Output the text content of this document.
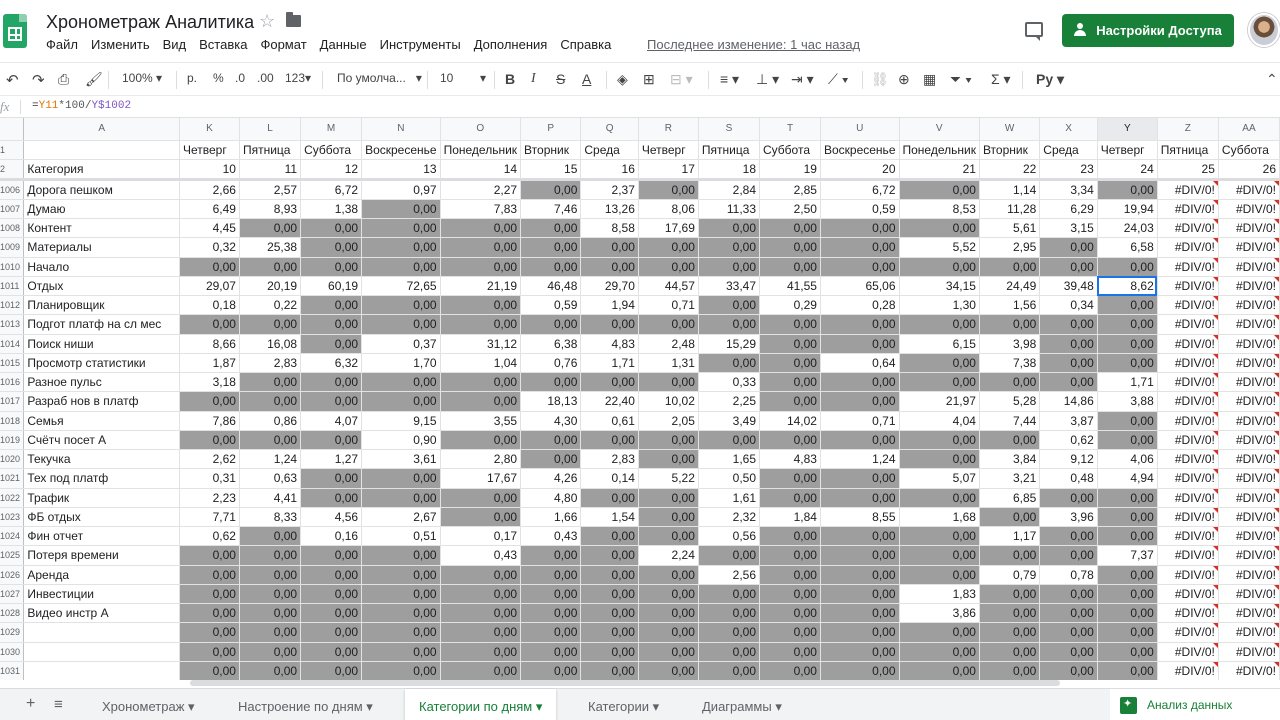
Хронометраж Аналитика ☆
Файл Изменить Вид Вставка Формат Данные Инструменты Дополнения Справка	Последнее изменение: 1 час назад
Настройки Доступа
↶ ↷ ⎙ 🖌 100% ▾ р. % .0 .00 123▾ По умолча...   ▾ 10        ▾ B I S A ◈ ⊞ ⊟ ▾ ≡ ▾ ⊥ ▾ ⇥ ▾ ⟋ ▾ ⛓ ⊕ ▦ ⏷ ▾ Σ ▾ Py ▾	⌃
fx =Y11*100/Y$1002
	A	K	L	M	N	O	P	Q	R	S	T	U	V	W	X	Y	Z	AA
1		Четверг	Пятница	Суббота	Воскресенье	Понедельник	Вторник	Среда	Четверг	Пятница	Суббота	Воскресенье	Понедельник	Вторник	Среда	Четверг	Пятница	Суббота
2	Категория	10	11	12	13	14	15	16	17	18	19	20	21	22	23	24	25	26
1006	Дорога пешком	2,66	2,57	6,72	0,97	2,27	0,00	2,37	0,00	2,84	2,85	6,72	0,00	1,14	3,34	0,00	#DIV/0!	#DIV/0!
1007	Думаю	6,49	8,93	1,38	0,00	7,83	7,46	13,26	8,06	11,33	2,50	0,59	8,53	11,28	6,29	19,94	#DIV/0!	#DIV/0!
1008	Контент	4,45	0,00	0,00	0,00	0,00	0,00	8,58	17,69	0,00	0,00	0,00	0,00	5,61	3,15	24,03	#DIV/0!	#DIV/0!
1009	Материалы	0,32	25,38	0,00	0,00	0,00	0,00	0,00	0,00	0,00	0,00	0,00	5,52	2,95	0,00	6,58	#DIV/0!	#DIV/0!
1010	Начало	0,00	0,00	0,00	0,00	0,00	0,00	0,00	0,00	0,00	0,00	0,00	0,00	0,00	0,00	0,00	#DIV/0!	#DIV/0!
1011	Отдых	29,07	20,19	60,19	72,65	21,19	46,48	29,70	44,57	33,47	41,55	65,06	34,15	24,49	39,48	8,62	#DIV/0!	#DIV/0!
1012	Планировщик	0,18	0,22	0,00	0,00	0,00	0,59	1,94	0,71	0,00	0,29	0,28	1,30	1,56	0,34	0,00	#DIV/0!	#DIV/0!
1013	Подгот платф на сл мес	0,00	0,00	0,00	0,00	0,00	0,00	0,00	0,00	0,00	0,00	0,00	0,00	0,00	0,00	0,00	#DIV/0!	#DIV/0!
1014	Поиск ниши	8,66	16,08	0,00	0,37	31,12	6,38	4,83	2,48	15,29	0,00	0,00	6,15	3,98	0,00	0,00	#DIV/0!	#DIV/0!
1015	Просмотр статистики	1,87	2,83	6,32	1,70	1,04	0,76	1,71	1,31	0,00	0,00	0,64	0,00	7,38	0,00	0,00	#DIV/0!	#DIV/0!
1016	Разное пульс	3,18	0,00	0,00	0,00	0,00	0,00	0,00	0,00	0,33	0,00	0,00	0,00	0,00	0,00	1,71	#DIV/0!	#DIV/0!
1017	Разраб нов в платф	0,00	0,00	0,00	0,00	0,00	18,13	22,40	10,02	2,25	0,00	0,00	21,97	5,28	14,86	3,88	#DIV/0!	#DIV/0!
1018	Семья	7,86	0,86	4,07	9,15	3,55	4,30	0,61	2,05	3,49	14,02	0,71	4,04	7,44	3,87	0,00	#DIV/0!	#DIV/0!
1019	Счётч посет А	0,00	0,00	0,00	0,90	0,00	0,00	0,00	0,00	0,00	0,00	0,00	0,00	0,00	0,62	0,00	#DIV/0!	#DIV/0!
1020	Текучка	2,62	1,24	1,27	3,61	2,80	0,00	2,83	0,00	1,65	4,83	1,24	0,00	3,84	9,12	4,06	#DIV/0!	#DIV/0!
1021	Тех под платф	0,31	0,63	0,00	0,00	17,67	4,26	0,14	5,22	0,50	0,00	0,00	5,07	3,21	0,48	4,94	#DIV/0!	#DIV/0!
1022	Трафик	2,23	4,41	0,00	0,00	0,00	4,80	0,00	0,00	1,61	0,00	0,00	0,00	6,85	0,00	0,00	#DIV/0!	#DIV/0!
1023	ФБ отдых	7,71	8,33	4,56	2,67	0,00	1,66	1,54	0,00	2,32	1,84	8,55	1,68	0,00	3,96	0,00	#DIV/0!	#DIV/0!
1024	Фин отчет	0,62	0,00	0,16	0,51	0,17	0,43	0,00	0,00	0,56	0,00	0,00	0,00	1,17	0,00	0,00	#DIV/0!	#DIV/0!
1025	Потеря времени	0,00	0,00	0,00	0,00	0,43	0,00	0,00	2,24	0,00	0,00	0,00	0,00	0,00	0,00	7,37	#DIV/0!	#DIV/0!
1026	Аренда	0,00	0,00	0,00	0,00	0,00	0,00	0,00	0,00	2,56	0,00	0,00	0,00	0,79	0,78	0,00	#DIV/0!	#DIV/0!
1027	Инвестиции	0,00	0,00	0,00	0,00	0,00	0,00	0,00	0,00	0,00	0,00	0,00	1,83	0,00	0,00	0,00	#DIV/0!	#DIV/0!
1028	Видео инстр А	0,00	0,00	0,00	0,00	0,00	0,00	0,00	0,00	0,00	0,00	0,00	3,86	0,00	0,00	0,00	#DIV/0!	#DIV/0!
1029		0,00	0,00	0,00	0,00	0,00	0,00	0,00	0,00	0,00	0,00	0,00	0,00	0,00	0,00	0,00	#DIV/0!	#DIV/0!
1030		0,00	0,00	0,00	0,00	0,00	0,00	0,00	0,00	0,00	0,00	0,00	0,00	0,00	0,00	0,00	#DIV/0!	#DIV/0!
1031		0,00	0,00	0,00	0,00	0,00	0,00	0,00	0,00	0,00	0,00	0,00	0,00	0,00	0,00	0,00	#DIV/0!	#DIV/0!
+ ≡	Хронометраж ▾	Настроение по дням ▾	Категории по дням ▾	Категории ▾	Диаграммы ▾ ✦	Анализ данных
